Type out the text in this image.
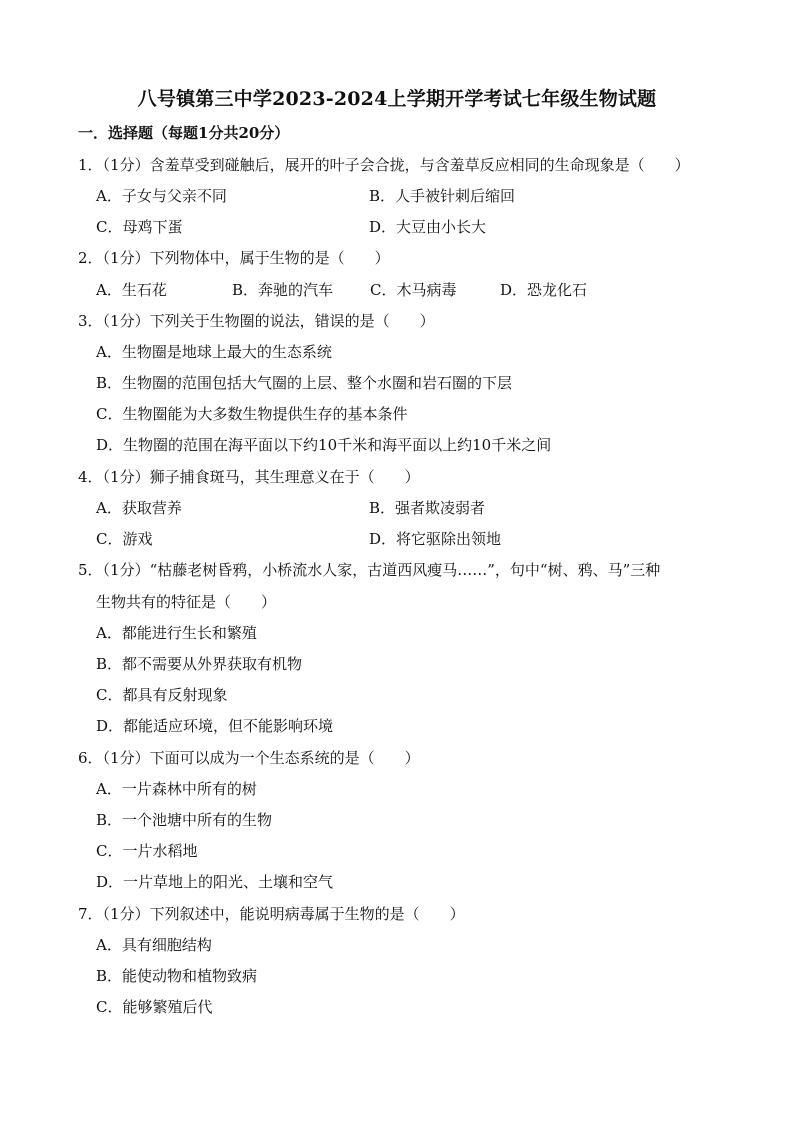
八号镇第三中学2023-2024上学期开学考试七年级生物试题
一．选择题（每题1分共20分）
1．（1分）含羞草受到碰触后，展开的叶子会合拢，与含羞草反应相同的生命现象是（　　）
A．子女与父亲不同	B．人手被针刺后缩回
C．母鸡下蛋	D．大豆由小长大
2．（1分）下列物体中，属于生物的是（　　）
A．生石花	B．奔驰的汽车 C．木马病毒	D．恐龙化石
3．（1分）下列关于生物圈的说法，错误的是（　　）
A．生物圈是地球上最大的生态系统
B．生物圈的范围包括大气圈的上层、整个水圈和岩石圈的下层
C．生物圈能为大多数生物提供生存的基本条件
D．生物圈的范围在海平面以下约10千米和海平面以上约10千米之间
4．（1分）狮子捕食斑马，其生理意义在于（　　）
A．获取营养	B．强者欺凌弱者
C．游戏	D．将它驱除出领地
5．（1分）“枯藤老树昏鸦，小桥流水人家，古道西风瘦马……”，句中“树、鸦、马”三种
生物共有的特征是（　　）
A．都能进行生长和繁殖
B．都不需要从外界获取有机物
C．都具有反射现象
D．都能适应环境，但不能影响环境
6．（1分）下面可以成为一个生态系统的是（　　）
A．一片森林中所有的树
B．一个池塘中所有的生物
C．一片水稻地
D．一片草地上的阳光、土壤和空气
7．（1分）下列叙述中，能说明病毒属于生物的是（　　）
A．具有细胞结构
B．能使动物和植物致病
C．能够繁殖后代
